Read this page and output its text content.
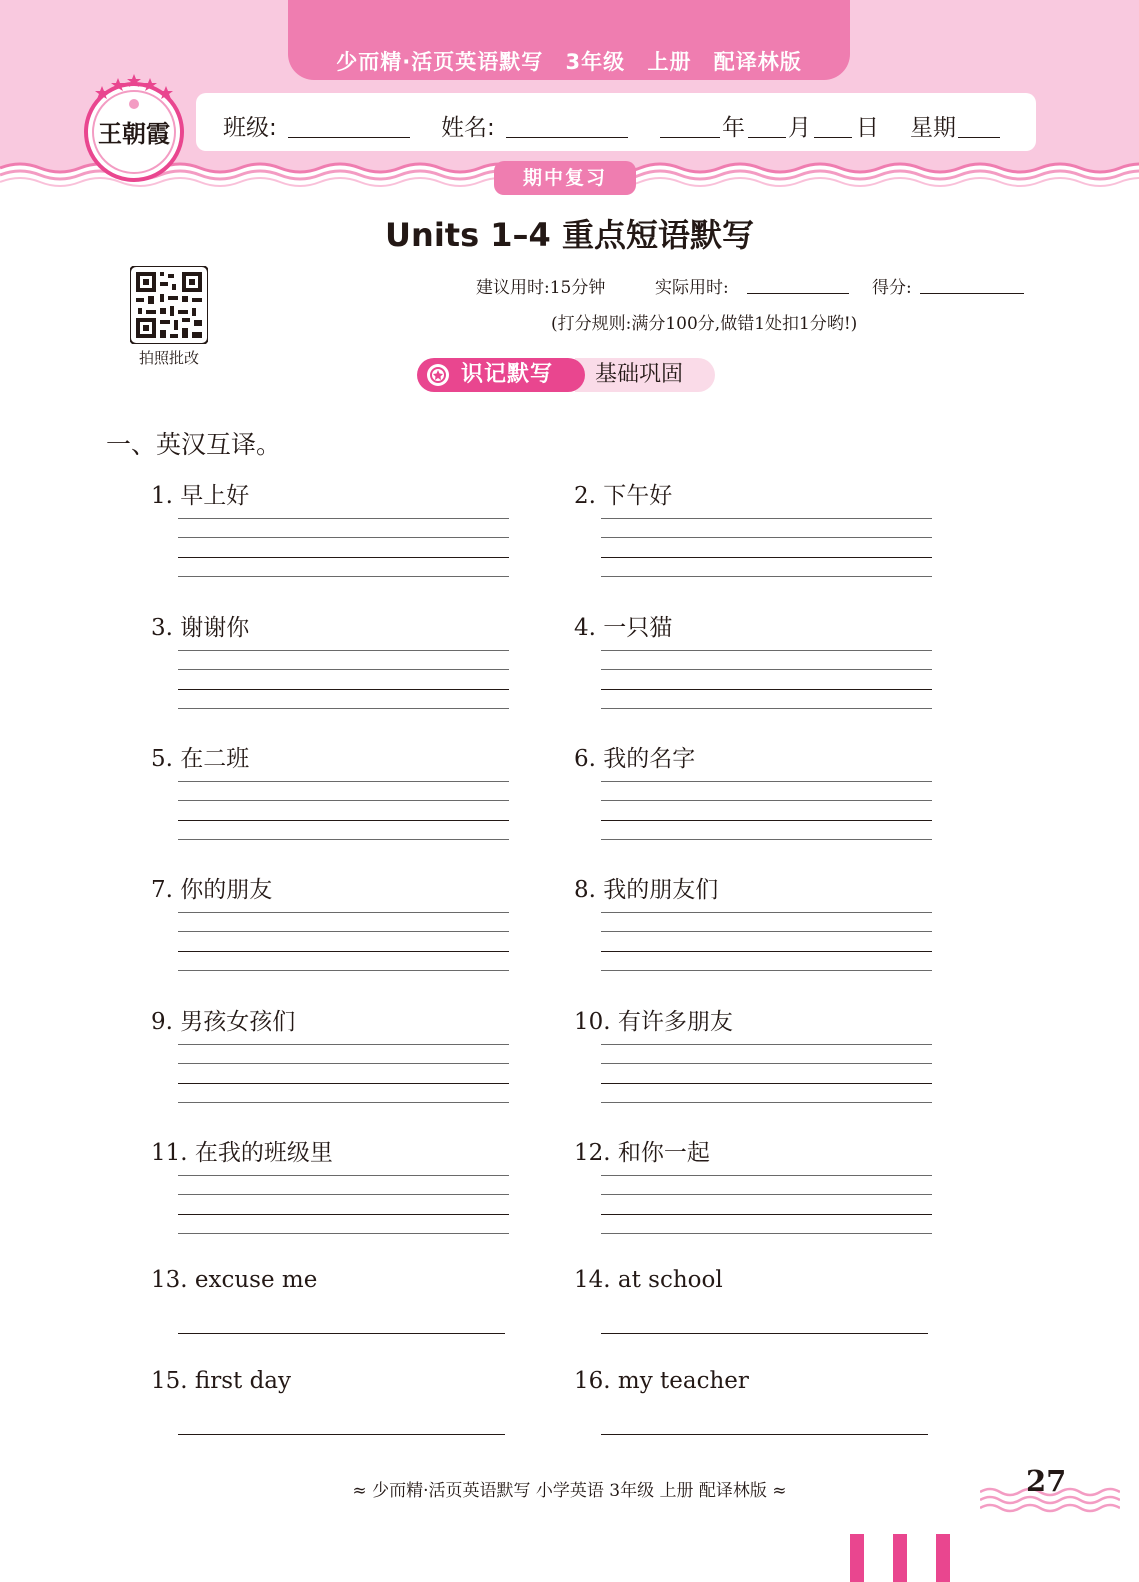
少而精·活页英语默写 3年级 上册 配译林版
班级:	姓名:	年 月 日 星期
期中复习
王朝霞
Units 1–4 重点短语默写
拍照批改
建议用时:15分钟	实际用时:	得分:
(打分规则:满分100分,做错1处扣1分哟!)
基础巩固
识记默写
一、英汉互译。
1. 早上好	2. 下午好
3. 谢谢你	4. 一只猫
5. 在二班	6. 我的名字
7. 你的朋友	8. 我的朋友们
9. 男孩女孩们	10. 有许多朋友
11. 在我的班级里	12. 和你一起
13. excuse me	14. at school
15. first day	16. my teacher
≈ 少而精·活页英语默写 小学英语 3年级 上册 配译林版 ≈	27
